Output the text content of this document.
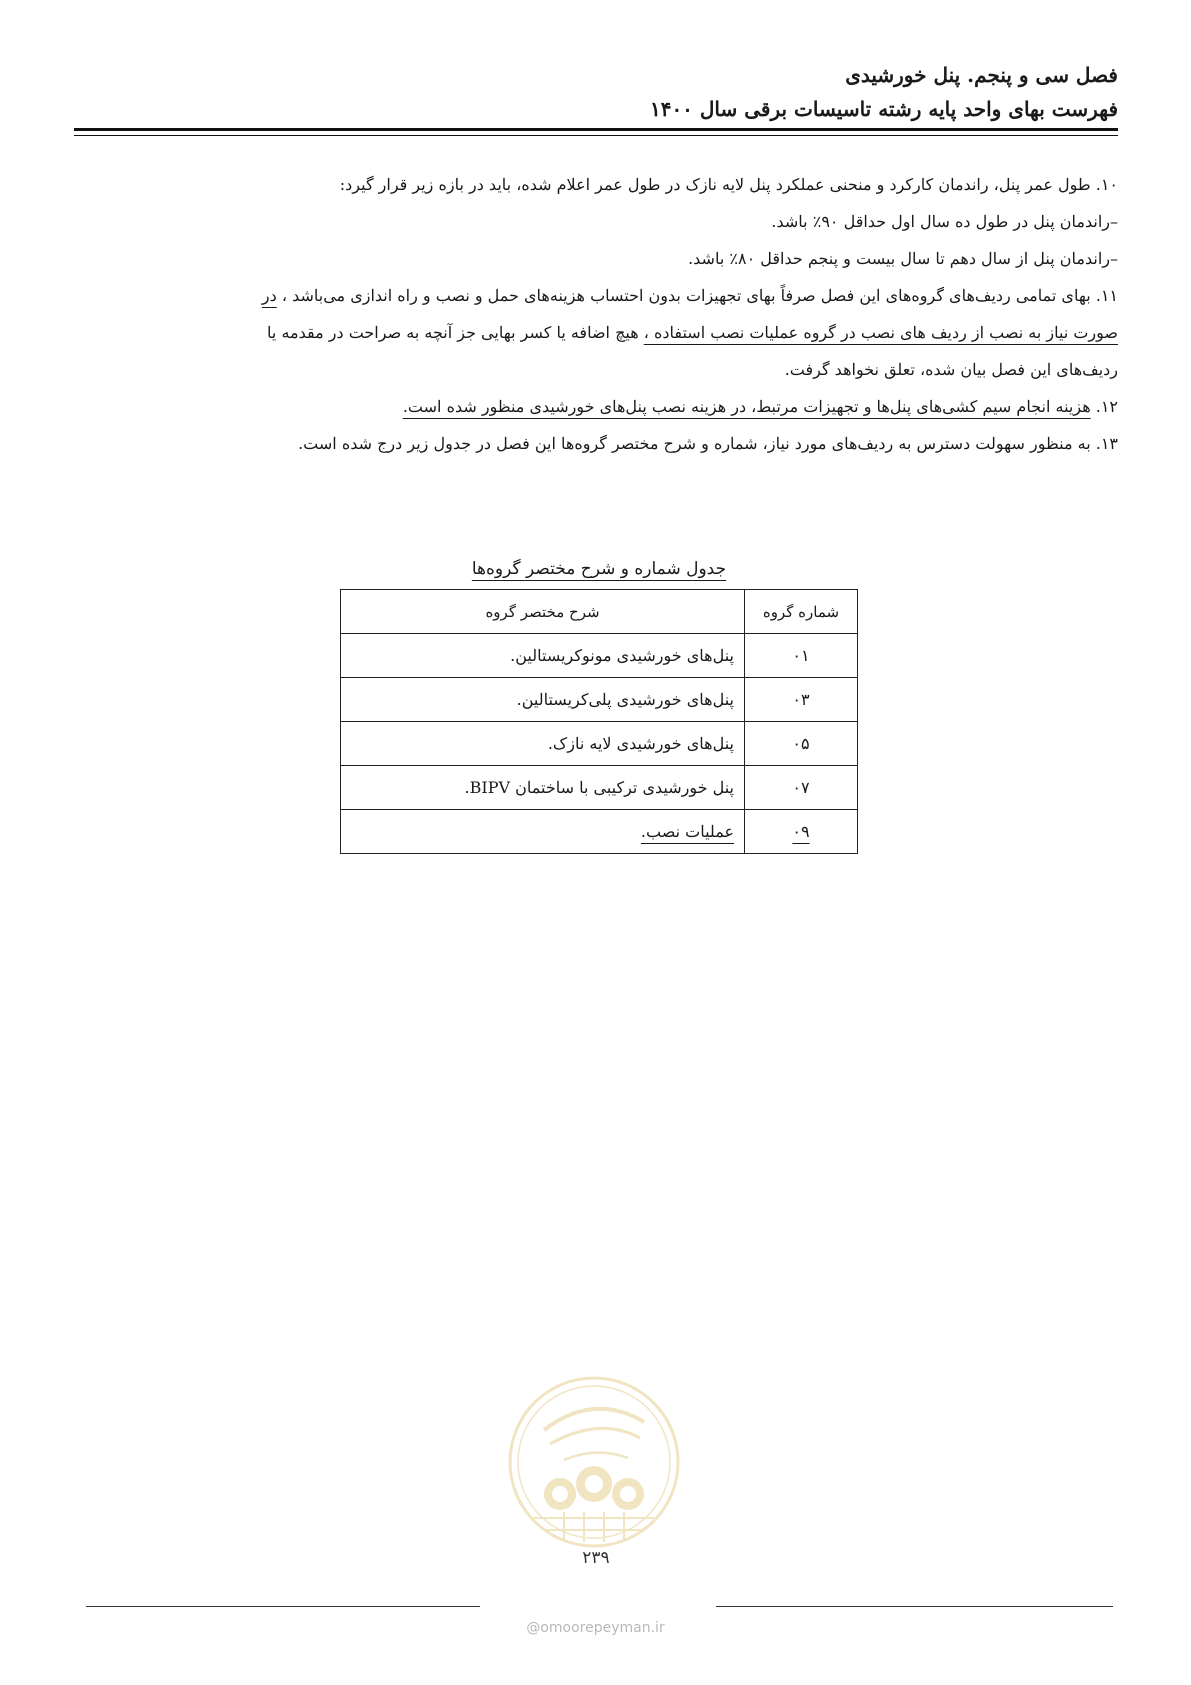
فصل سی و پنجم. پنل خورشیدی
فهرست بهای واحد پایه رشته تاسیسات برقی سال ۱۴۰۰
۱۰. طول عمر پنل، راندمان کارکرد و منحنی عملکرد پنل لایه نازک در طول عمر اعلام شده، باید در بازه زیر قرار گیرد:
–راندمان پنل در طول ده سال اول حداقل ۹۰٪ باشد.
–راندمان پنل از سال دهم تا سال بیست و پنجم حداقل ۸۰٪ باشد.
۱۱. بهای تمامی ردیف‌های گروه‌های این فصل صرفاً بهای تجهیزات بدون احتساب هزینه‌های حمل و نصب و راه اندازی می‌باشد ، در
صورت نیاز به نصب از ردیف های نصب در گروه عملیات نصب استفاده ، هیچ اضافه یا کسر بهایی جز آنچه به صراحت در مقدمه یا
ردیف‌های این فصل بیان شده، تعلق نخواهد گرفت.
۱۲. هزینه انجام سیم کشی‌های پنل‌ها و تجهیزات مرتبط، در هزینه نصب پنل‌های خورشیدی منظور شده است.
۱۳. به منظور سهولت دسترس به ردیف‌های مورد نیاز، شماره و شرح مختصر گروه‌ها این فصل در جدول زیر درج شده است.
جدول شماره و شرح مختصر گروه‌ها
شماره گروه	شرح مختصر گروه
۰۱	پنل‌های خورشیدی مونوکریستالین.
۰۳	پنل‌های خورشیدی پلی‌کریستالین.
۰۵	پنل‌های خورشیدی لایه نازک.
۰۷	پنل خورشیدی ترکیبی با ساختمان BIPV.
۰۹	عملیات نصب.
۲۳۹
@omoorepeyman.ir
